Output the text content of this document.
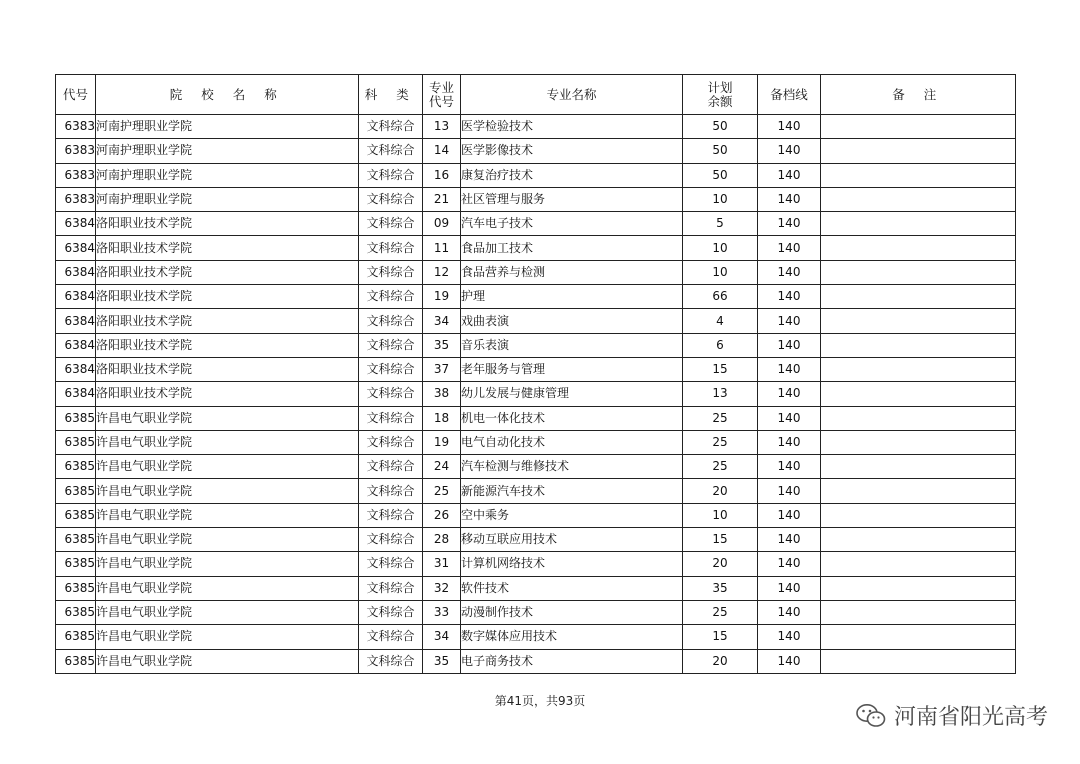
代号	院 校 名 称	科 类	专业代号	专业名称	计划余额	备档线	备 注
6383	河南护理职业学院	文科综合	13	医学检验技术	50	140	
6383	河南护理职业学院	文科综合	14	医学影像技术	50	140	
6383	河南护理职业学院	文科综合	16	康复治疗技术	50	140	
6383	河南护理职业学院	文科综合	21	社区管理与服务	10	140	
6384	洛阳职业技术学院	文科综合	09	汽车电子技术	5	140	
6384	洛阳职业技术学院	文科综合	11	食品加工技术	10	140	
6384	洛阳职业技术学院	文科综合	12	食品营养与检测	10	140	
6384	洛阳职业技术学院	文科综合	19	护理	66	140	
6384	洛阳职业技术学院	文科综合	34	戏曲表演	4	140	
6384	洛阳职业技术学院	文科综合	35	音乐表演	6	140	
6384	洛阳职业技术学院	文科综合	37	老年服务与管理	15	140	
6384	洛阳职业技术学院	文科综合	38	幼儿发展与健康管理	13	140	
6385	许昌电气职业学院	文科综合	18	机电一体化技术	25	140	
6385	许昌电气职业学院	文科综合	19	电气自动化技术	25	140	
6385	许昌电气职业学院	文科综合	24	汽车检测与维修技术	25	140	
6385	许昌电气职业学院	文科综合	25	新能源汽车技术	20	140	
6385	许昌电气职业学院	文科综合	26	空中乘务	10	140	
6385	许昌电气职业学院	文科综合	28	移动互联应用技术	15	140	
6385	许昌电气职业学院	文科综合	31	计算机网络技术	20	140	
6385	许昌电气职业学院	文科综合	32	软件技术	35	140	
6385	许昌电气职业学院	文科综合	33	动漫制作技术	25	140	
6385	许昌电气职业学院	文科综合	34	数字媒体应用技术	15	140	
6385	许昌电气职业学院	文科综合	35	电子商务技术	20	140	
第41页，共93页
河南省阳光高考
